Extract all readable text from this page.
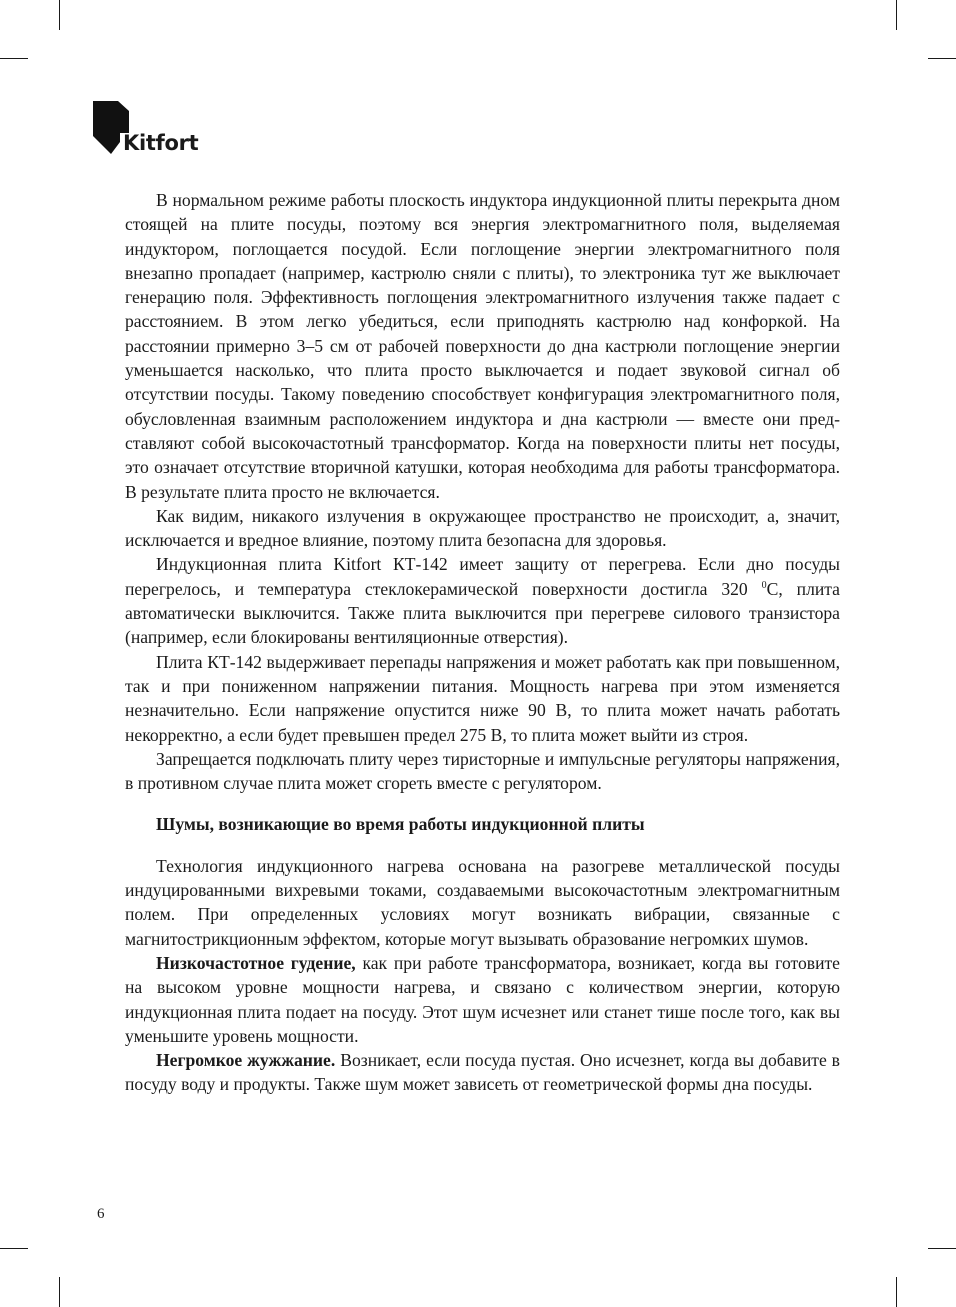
Kitfort

В нормальном режиме работы плоскость индуктора индукционной плиты перекрыта дном стоящей на плите посуды, поэтому вся энергия электромагнитного поля, выделяемая индуктором, поглощается посудой. Если поглощение энергии электромагнитного поля внезапно пропадает (например, кастрюлю сняли с плиты), то электроника тут же выключает генерацию поля. Эффективность поглощения электромагнитного излучения также падает с расстоянием. В этом легко убедиться, если приподнять кастрюлю над конфоркой. На расстоянии примерно 3–5 см от рабочей поверхности до дна кастрюли поглощение энергии уменьшается насколько, что плита просто выключается и подает звуковой сигнал об отсутствии посуды. Такому поведению способствует конфигурация электромагнитного поля, обусловленная взаимным расположением индуктора и дна кастрюли — вместе они представляют собой высокочастотный трансформатор. Когда на поверхности плиты нет посуды, это означает отсутствие вторичной катушки, которая необходима для работы трансформатора. В результате плита просто не включается.

Как видим, никакого излучения в окружающее пространство не происходит, а, значит, исключается и вредное влияние, поэтому плита безопасна для здоровья.

Индукционная плита Kitfort КТ-142 имеет защиту от перегрева. Если дно посуды перегрелось, и температура стеклокерамической поверхности достигла 320 $^0$С, плита автоматически выключится. Также плита выключится при перегреве силового транзистора (например, если блокированы вентиляционные отверстия).

Плита КТ-142 выдерживает перепады напряжения и может работать как при повышенном, так и при пониженном напряжении питания. Мощность нагрева при этом изменяется незначительно. Если напряжение опустится ниже 90 В, то плита может начать работать некорректно, а если будет превышен предел 275 В, то плита может выйти из строя.

Запрещается подключать плиту через тиристорные и импульсные регуляторы напряжения, в противном случае плита может сгореть вместе с регулятором.

Шумы, возникающие во время работы индукционной плиты

Технология индукционного нагрева основана на разогреве металлической посуды индуцированными вихревыми токами, создаваемыми высокочастотным электромагнитным полем. При определенных условиях могут возникать вибрации, связанные с магнитострикционным эффектом, которые могут вызывать образование негромких шумов.

Низкочастотное гудение, как при работе трансформатора, возникает, когда вы готовите на высоком уровне мощности нагрева, и связано с количеством энергии, которую индукционная плита подает на посуду. Этот шум исчезнет или станет тише после того, как вы уменьшите уровень мощности.

Негромкое жужжание. Возникает, если посуда пустая. Оно исчезнет, когда вы добавите в посуду воду и продукты. Также шум может зависеть от геометрической формы дна посуды.

6
